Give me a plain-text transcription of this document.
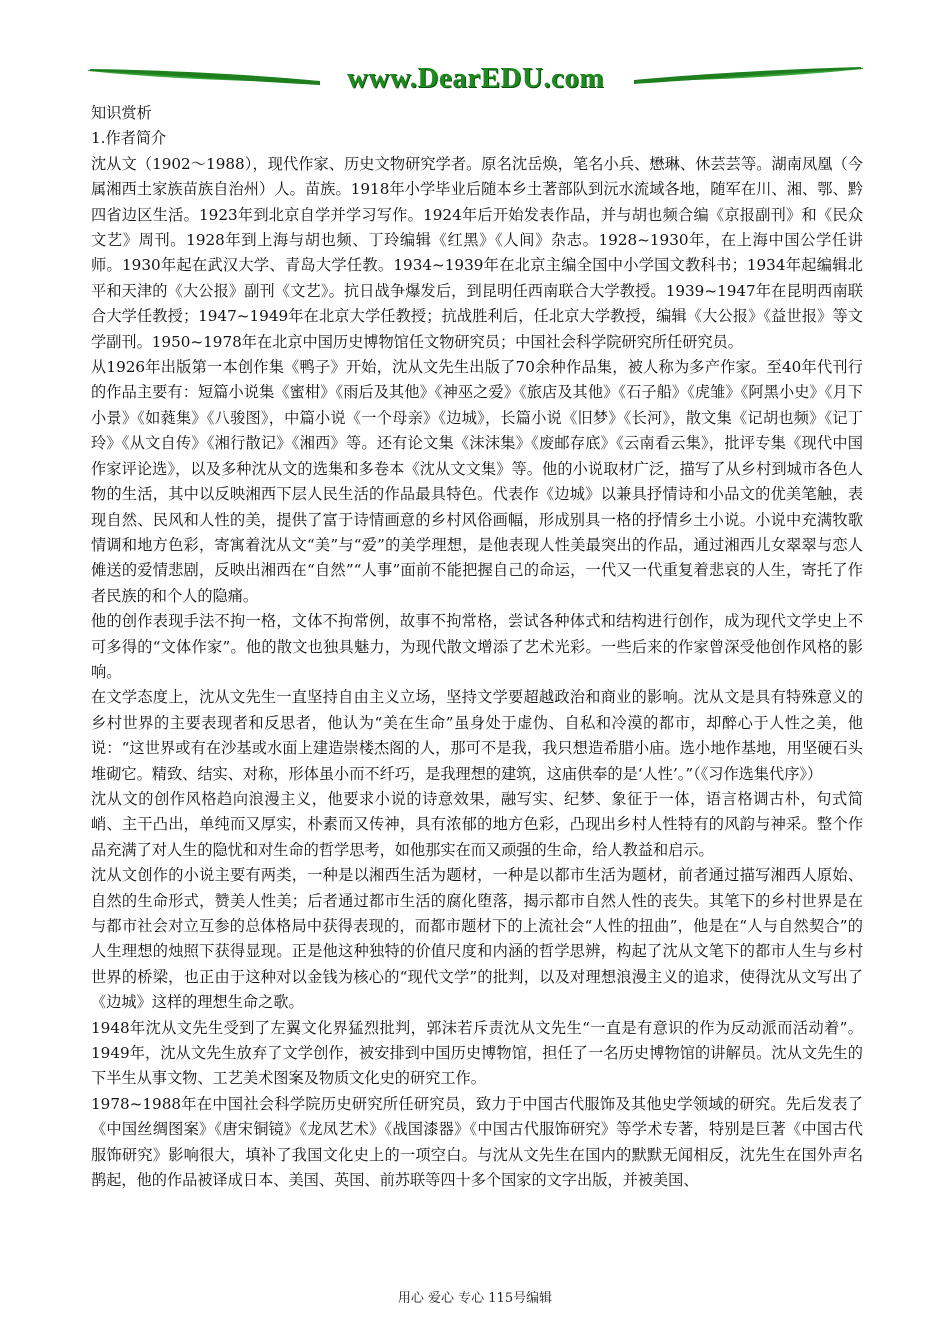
www.DearEDU.com

知识赏析

1.作者简介

沈从文（1902～1988），现代作家、历史文物研究学者。原名沈岳焕，笔名小兵、懋琳、休芸芸等。湖南凤凰（今属湘西土家族苗族自治州）人。苗族。1918年小学毕业后随本乡土著部队到沅水流域各地，随军在川、湘、鄂、黔四省边区生活。1923年到北京自学并学习写作。1924年后开始发表作品，并与胡也频合编《京报副刊》和《民众文艺》周刊。1928年到上海与胡也频、丁玲编辑《红黑》《人间》杂志。1928~1930年，在上海中国公学任讲师。1930年起在武汉大学、青岛大学任教。1934~1939年在北京主编全国中小学国文教科书；1934年起编辑北平和天津的《大公报》副刊《文艺》。抗日战争爆发后，到昆明任西南联合大学教授。1939~1947年在昆明西南联合大学任教授；1947~1949年在北京大学任教授；抗战胜利后，任北京大学教授，编辑《大公报》《益世报》等文学副刊。1950~1978年在北京中国历史博物馆任文物研究员；中国社会科学院研究所任研究员。

从1926年出版第一本创作集《鸭子》开始，沈从文先生出版了70余种作品集，被人称为多产作家。至40年代刊行的作品主要有：短篇小说集《蜜柑》《雨后及其他》《神巫之爱》《旅店及其他》《石子船》《虎雏》《阿黑小史》《月下小景》《如蕤集》《八骏图》，中篇小说《一个母亲》《边城》，长篇小说《旧梦》《长河》，散文集《记胡也频》《记丁玲》《从文自传》《湘行散记》《湘西》等。还有论文集《沫沫集》《废邮存底》《云南看云集》，批评专集《现代中国作家评论选》，以及多种沈从文的选集和多卷本《沈从文文集》等。他的小说取材广泛，描写了从乡村到城市各色人物的生活，其中以反映湘西下层人民生活的作品最具特色。代表作《边城》以兼具抒情诗和小品文的优美笔触，表现自然、民风和人性的美，提供了富于诗情画意的乡村风俗画幅，形成别具一格的抒情乡土小说。小说中充满牧歌情调和地方色彩，寄寓着沈从文“美”与“爱”的美学理想，是他表现人性美最突出的作品，通过湘西儿女翠翠与恋人傩送的爱情悲剧，反映出湘西在“自然”“人事”面前不能把握自己的命运，一代又一代重复着悲哀的人生，寄托了作者民族的和个人的隐痛。

他的创作表现手法不拘一格，文体不拘常例，故事不拘常格，尝试各种体式和结构进行创作，成为现代文学史上不可多得的“文体作家”。他的散文也独具魅力，为现代散文增添了艺术光彩。一些后来的作家曾深受他创作风格的影响。

在文学态度上，沈从文先生一直坚持自由主义立场，坚持文学要超越政治和商业的影响。沈从文是具有特殊意义的乡村世界的主要表现者和反思者，他认为“美在生命”虽身处于虚伪、自私和冷漠的都市，却醉心于人性之美，他说：“这世界或有在沙基或水面上建造崇楼杰阁的人，那可不是我，我只想造希腊小庙。选小地作基地，用坚硬石头堆砌它。精致、结实、对称，形体虽小而不纤巧，是我理想的建筑，这庙供奉的是‘人性’。”（《习作选集代序》）

沈从文的创作风格趋向浪漫主义，他要求小说的诗意效果，融写实、纪梦、象征于一体，语言格调古朴，句式简峭、主干凸出，单纯而又厚实，朴素而又传神，具有浓郁的地方色彩，凸现出乡村人性特有的风韵与神采。整个作品充满了对人生的隐忧和对生命的哲学思考，如他那实在而又顽强的生命，给人教益和启示。

沈从文创作的小说主要有两类，一种是以湘西生活为题材，一种是以都市生活为题材，前者通过描写湘西人原始、自然的生命形式，赞美人性美；后者通过都市生活的腐化堕落，揭示都市自然人性的丧失。其笔下的乡村世界是在与都市社会对立互参的总体格局中获得表现的，而都市题材下的上流社会“人性的扭曲”，他是在“人与自然契合”的人生理想的烛照下获得显现。正是他这种独特的价值尺度和内涵的哲学思辨，构起了沈从文笔下的都市人生与乡村世界的桥梁，也正由于这种对以金钱为核心的“现代文学”的批判，以及对理想浪漫主义的追求，使得沈从文写出了《边城》这样的理想生命之歌。

1948年沈从文先生受到了左翼文化界猛烈批判，郭沫若斥责沈从文先生“一直是有意识的作为反动派而活动着”。1949年，沈从文先生放弃了文学创作，被安排到中国历史博物馆，担任了一名历史博物馆的讲解员。沈从文先生的下半生从事文物、工艺美术图案及物质文化史的研究工作。

1978~1988年在中国社会科学院历史研究所任研究员，致力于中国古代服饰及其他史学领域的研究。先后发表了《中国丝绸图案》《唐宋铜镜》《龙凤艺术》《战国漆器》《中国古代服饰研究》等学术专著，特别是巨著《中国古代服饰研究》影响很大，填补了我国文化史上的一项空白。与沈从文先生在国内的默默无闻相反，沈先生在国外声名鹊起，他的作品被译成日本、美国、英国、前苏联等四十多个国家的文字出版，并被美国、

用心 爱心 专心 115号编辑
